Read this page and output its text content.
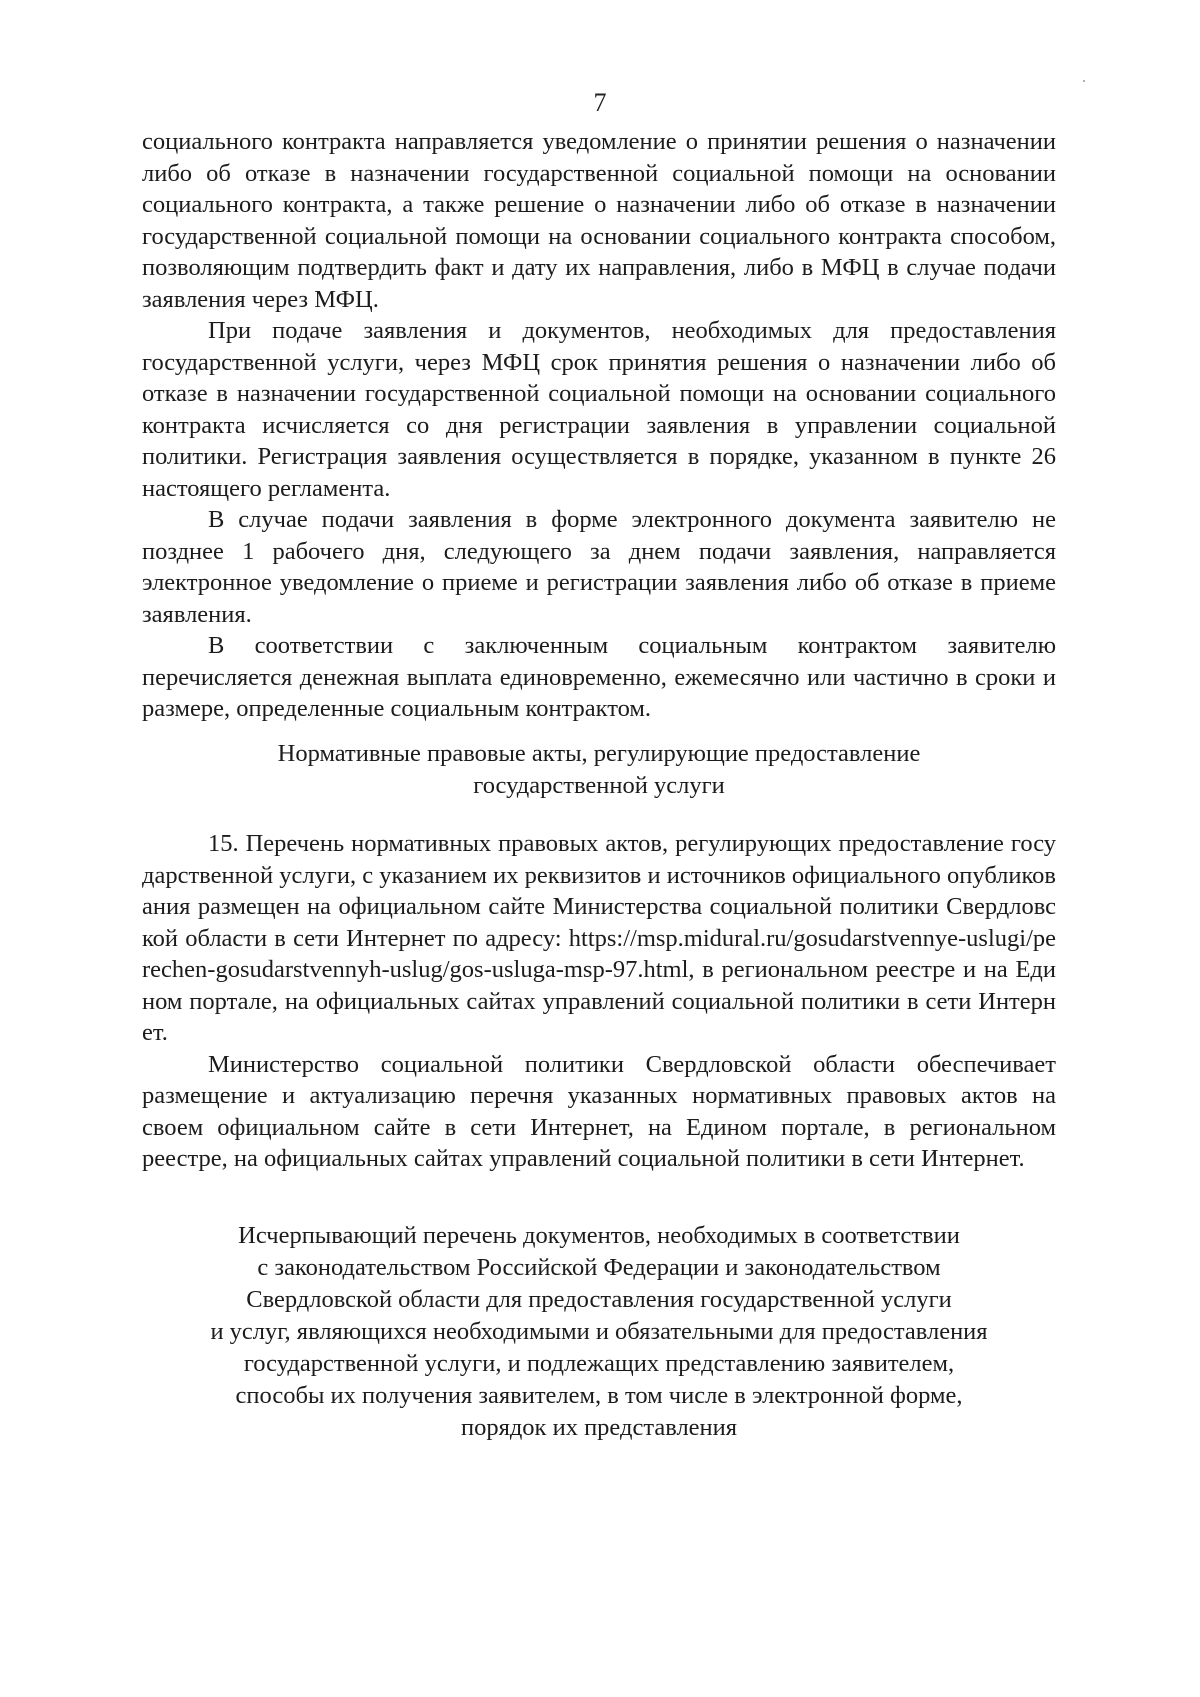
7

социального контракта направляется уведомление о принятии решения о назначении либо об отказе в назначении государственной социальной помощи на основании социального контракта, а также решение о назначении либо об отказе в назначении государственной социальной помощи на основании социального контракта способом, позволяющим подтвердить факт и дату их направления, либо в МФЦ в случае подачи заявления через МФЦ.

При подаче заявления и документов, необходимых для предоставления государственной услуги, через МФЦ срок принятия решения о назначении либо об отказе в назначении государственной социальной помощи на основании социального контракта исчисляется со дня регистрации заявления в управлении социальной политики. Регистрация заявления осуществляется в порядке, указанном в пункте 26 настоящего регламента.

В случае подачи заявления в форме электронного документа заявителю не позднее 1 рабочего дня, следующего за днем подачи заявления, направляется электронное уведомление о приеме и регистрации заявления либо об отказе в приеме заявления.

В соответствии с заключенным социальным контрактом заявителю перечисляется денежная выплата единовременно, ежемесячно или частично в сроки и размере, определенные социальным контрактом.

Нормативные правовые акты, регулирующие предоставление
государственной услуги

15. Перечень нормативных правовых актов, регулирующих предоставление государственной услуги, с указанием их реквизитов и источников официального опубликования размещен на официальном сайте Министерства социальной политики Свердловской области в сети Интернет по адресу: https://msp.midural.ru/gosudarstvennye-uslugi/perechen-gosudarstvennyh-uslug/gos-usluga-msp-97.html, в региональном реестре и на Едином портале, на официальных сайтах управлений социальной политики в сети Интернет.

Министерство социальной политики Свердловской области обеспечивает размещение и актуализацию перечня указанных нормативных правовых актов на своем официальном сайте в сети Интернет, на Едином портале, в региональном реестре, на официальных сайтах управлений социальной политики в сети Интернет.

Исчерпывающий перечень документов, необходимых в соответствии
с законодательством Российской Федерации и законодательством
Свердловской области для предоставления государственной услуги
и услуг, являющихся необходимыми и обязательными для предоставления
государственной услуги, и подлежащих представлению заявителем,
способы их получения заявителем, в том числе в электронной форме,
порядок их представления
